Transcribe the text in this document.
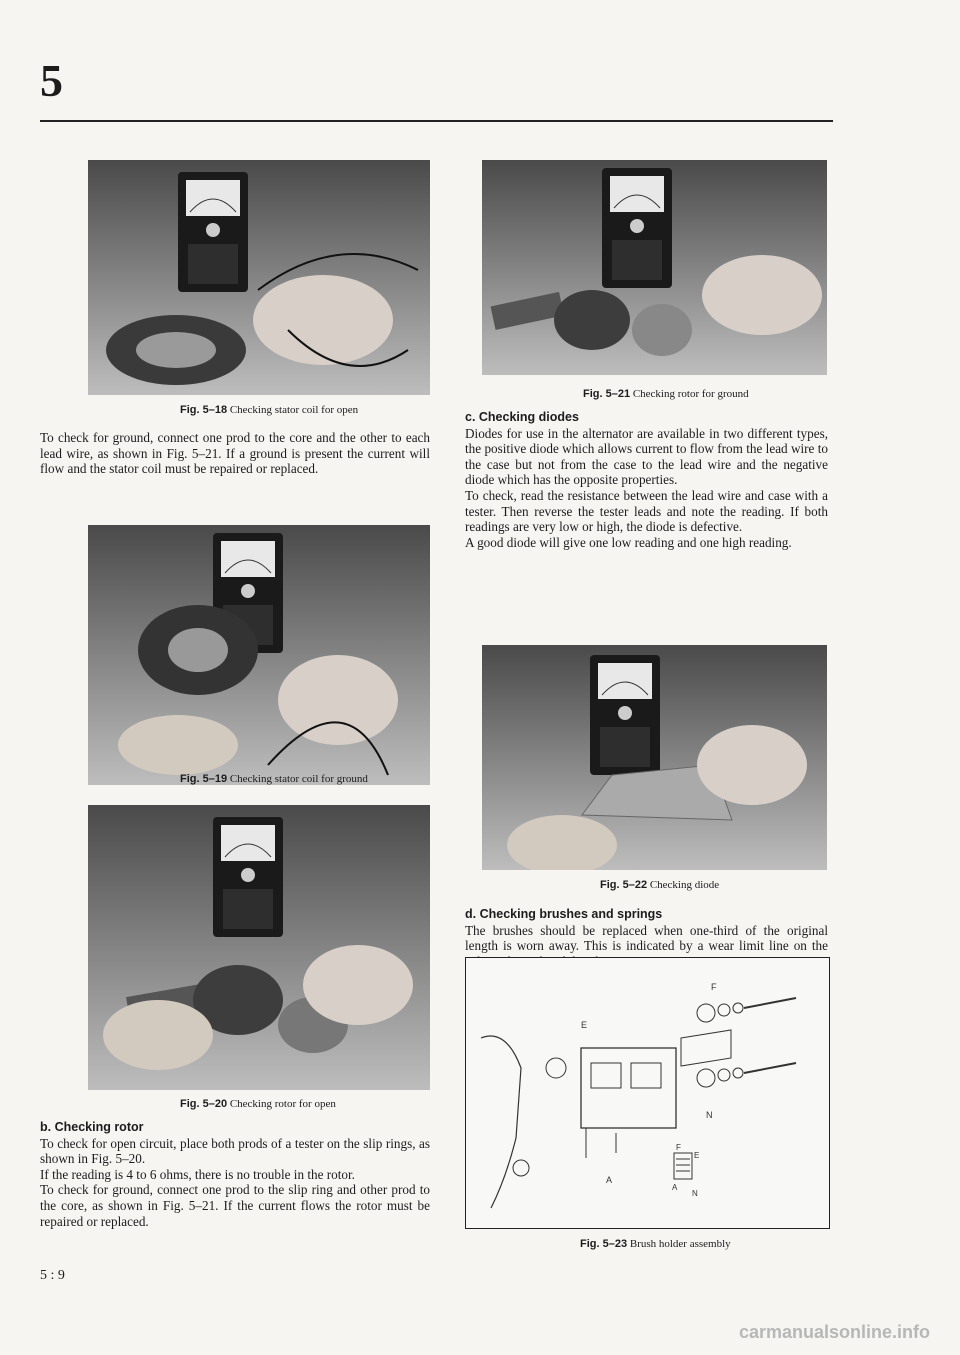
5
Fig. 5–18 Checking stator coil for open

To check for ground, connect one prod to the core and the other to each lead wire, as shown in Fig. 5–21. If a ground is present the current will flow and the stator coil must be repaired or replaced.

Fig. 5–19 Checking stator coil for ground
Fig. 5–20 Checking rotor for open

b. Checking rotor

To check for open circuit, place both prods of a tester on the slip rings, as shown in Fig. 5–20.

If the reading is 4 to 6 ohms, there is no trouble in the rotor.

To check for ground, connect one prod to the slip ring and other prod to the core, as shown in Fig. 5–21. If the current flows the rotor must be repaired or replaced.

Fig. 5–21 Checking rotor for ground

c. Checking diodes

Diodes for use in the alternator are available in two different types, the positive diode which allows current to flow from the lead wire to the case but not from the case to the lead wire and the negative diode which has the opposite properties.

To check, read the resistance between the lead wire and case with a tester. Then reverse the tester leads and note the reading. If both readings are very low or high, the diode is defective.

A good diode will give one low reading and one high reading.

Fig. 5–22 Checking diode

d. Checking brushes and springs

The brushes should be replaced when one-third of the original length is worn away. This is indicated by a wear limit line on the

E
F
N
A
F
E
A
N
Fig. 5–23 Brush holder assembly
5 : 9
carmanualsonline.info
